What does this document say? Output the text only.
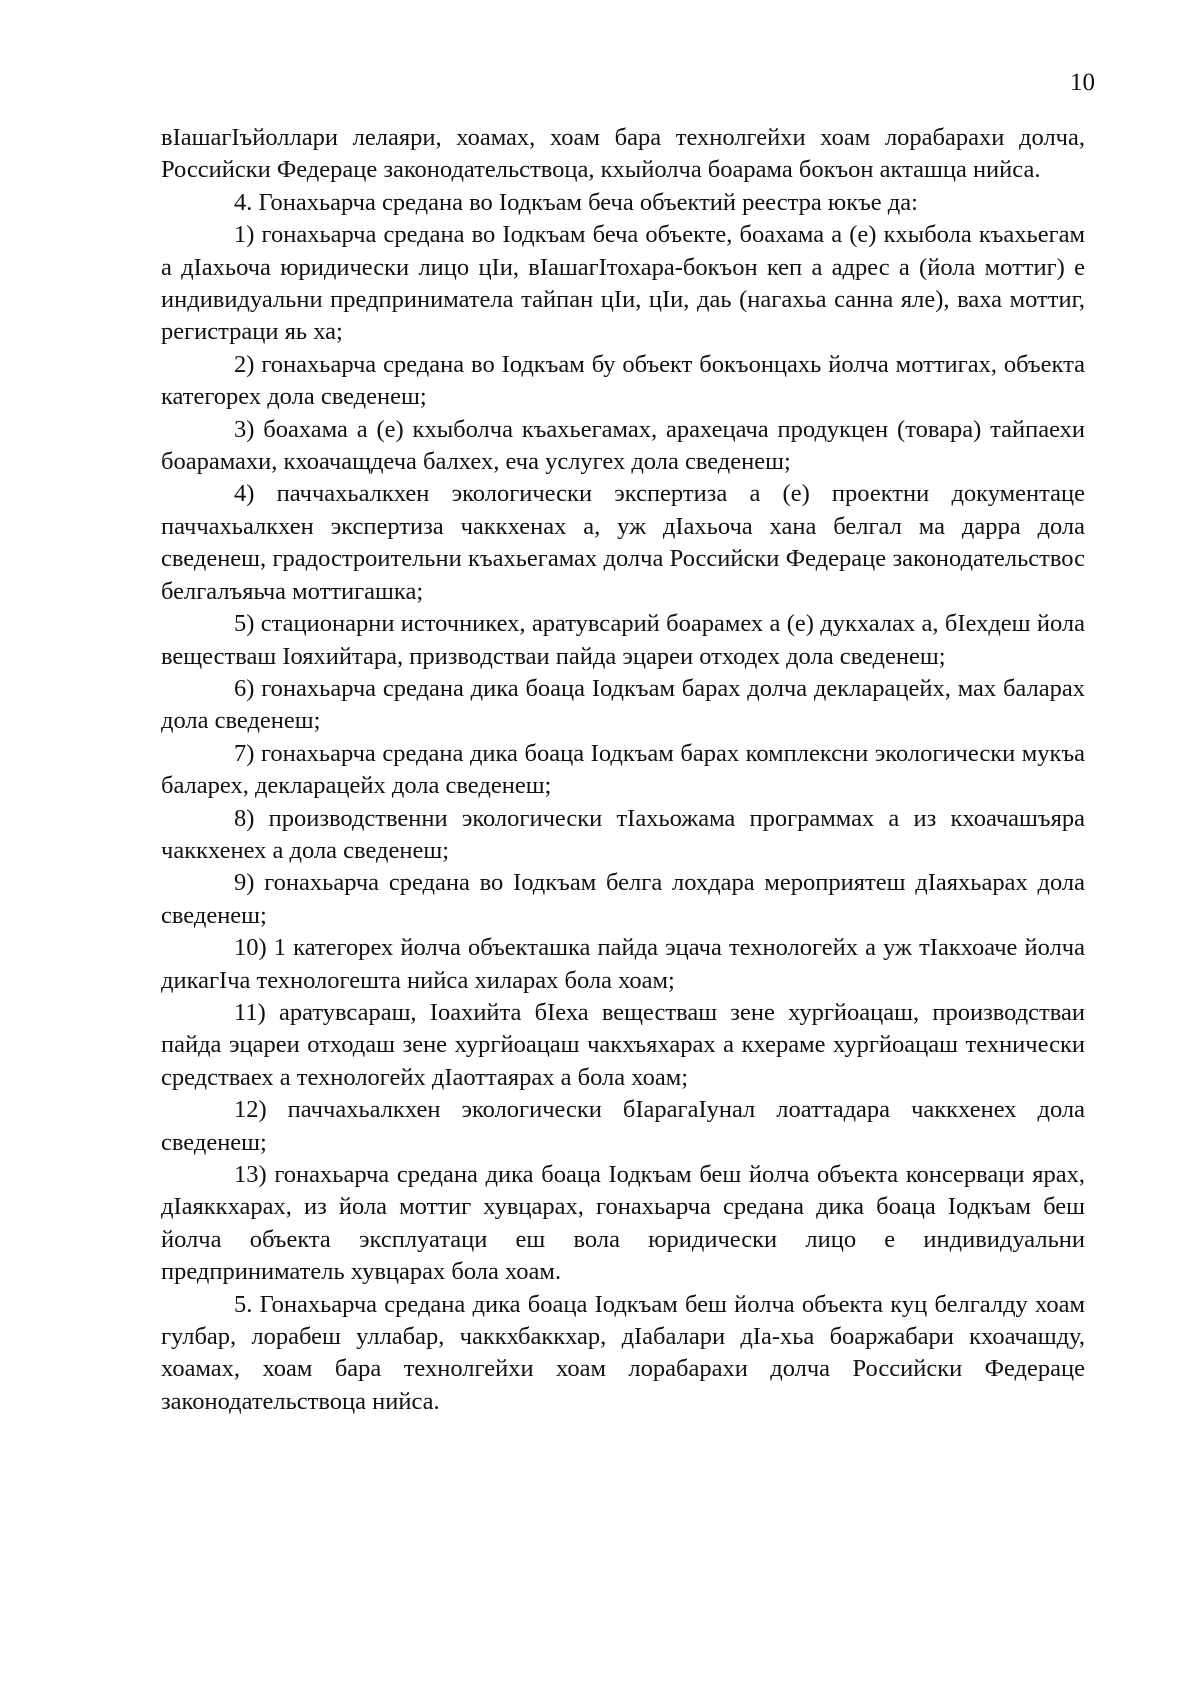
10

вIашагIъйоллари лелаяри, хоамах, хоам бара технолгейхи хоам лорабарахи долча, Российски Федераце законодательствоца, кхыйолча боарама бокъон акташца нийса.

4. Гонахьарча средана во Iодкъам беча объектий реестра юкъе да:

1) гонахьарча средана во Iодкъам беча объекте, боахама а (е) кхыбола къахьегам а дIахьоча юридически лицо цIи, вIашагIтохара-бокъон кеп а адрес а (йола моттиг) е индивидуальни предпринимателa тайпан цIи, цIи, даь (нагахьа санна яле), ваха моттиг, регистраци яь ха;

2) гонахьарча средана во Iодкъам бу объект бокъонцахь йолча моттигах, объекта категорех дола сведенеш;

3) боахама а (е) кхыболча къахьегамах, арахецача продукцен (товара) тайпаехи боарамахи, кхоачащдеча балхех, еча услугех дола сведенеш;

4) паччахьалкхен экологически экспертиза а (е) проектни документаце паччахьалкхен экспертиза чаккхенах а, уж дIахьоча хана белгал ма дарра дола сведенеш, градостроительни къахьегамах долча Российски Федераце законодательствос белгалъяьча моттигашка;

5) стационарни источникех, аратувсарий боарамех а (е) дукхалах а, бIехдеш йола веществаш Iояхийтара, призводстваи пайда эцареи отходех дола сведенеш;

6) гонахьарча средана дика боаца Iодкъам барах долча декларацейх, мах баларах дола сведенеш;

7) гонахьарча средана дика боаца Iодкъам барах комплексни экологически мукъа баларех, декларацейх дола сведенеш;

8) производственни экологически тIахьожама программах а из кхоачашъяра чаккхенех а дола сведенеш;

9) гонахьарча средана во Iодкъам белга лохдара мероприятеш дIаяхьарах дола сведенеш;

10) 1 категорех йолча объекташка пайда эцача технологейх а уж тIакхоаче йолча дикагIча технологешта нийса хиларах бола хоам;

11) аратувсараш, Iоахийта бIеха веществаш зене хургйоацаш, производстваи пайда эцареи отходаш зене хургйоацаш чакхъяхарах а кхераме хургйоацаш технически средстваех а технологейх дIаоттаярах а бола хоам;

12) паччахьалкхен экологически бIарагаIунал лоаттадара чаккхенех дола сведенеш;

13) гонахьарча средана дика боаца Iодкъам беш йолча объекта консерваци ярах, дIаяккхарах, из йола моттиг хувцарах, гонахьарча средана дика боаца Iодкъам беш йолча объекта эксплуатаци еш вола юридически лицо е индивидуальни предприниматель хувцарах бола хоам.

5. Гонахьарча средана дика боаца Iодкъам беш йолча объекта куц белгалду хоам гулбар, лорабеш уллабар, чаккхбаккхар, дIабалари дIа-хьа боаржабари кхоачашду, хоамах, хоам бара технолгейхи хоам лорабарахи долча Российски Федераце законодательствоца нийса.
